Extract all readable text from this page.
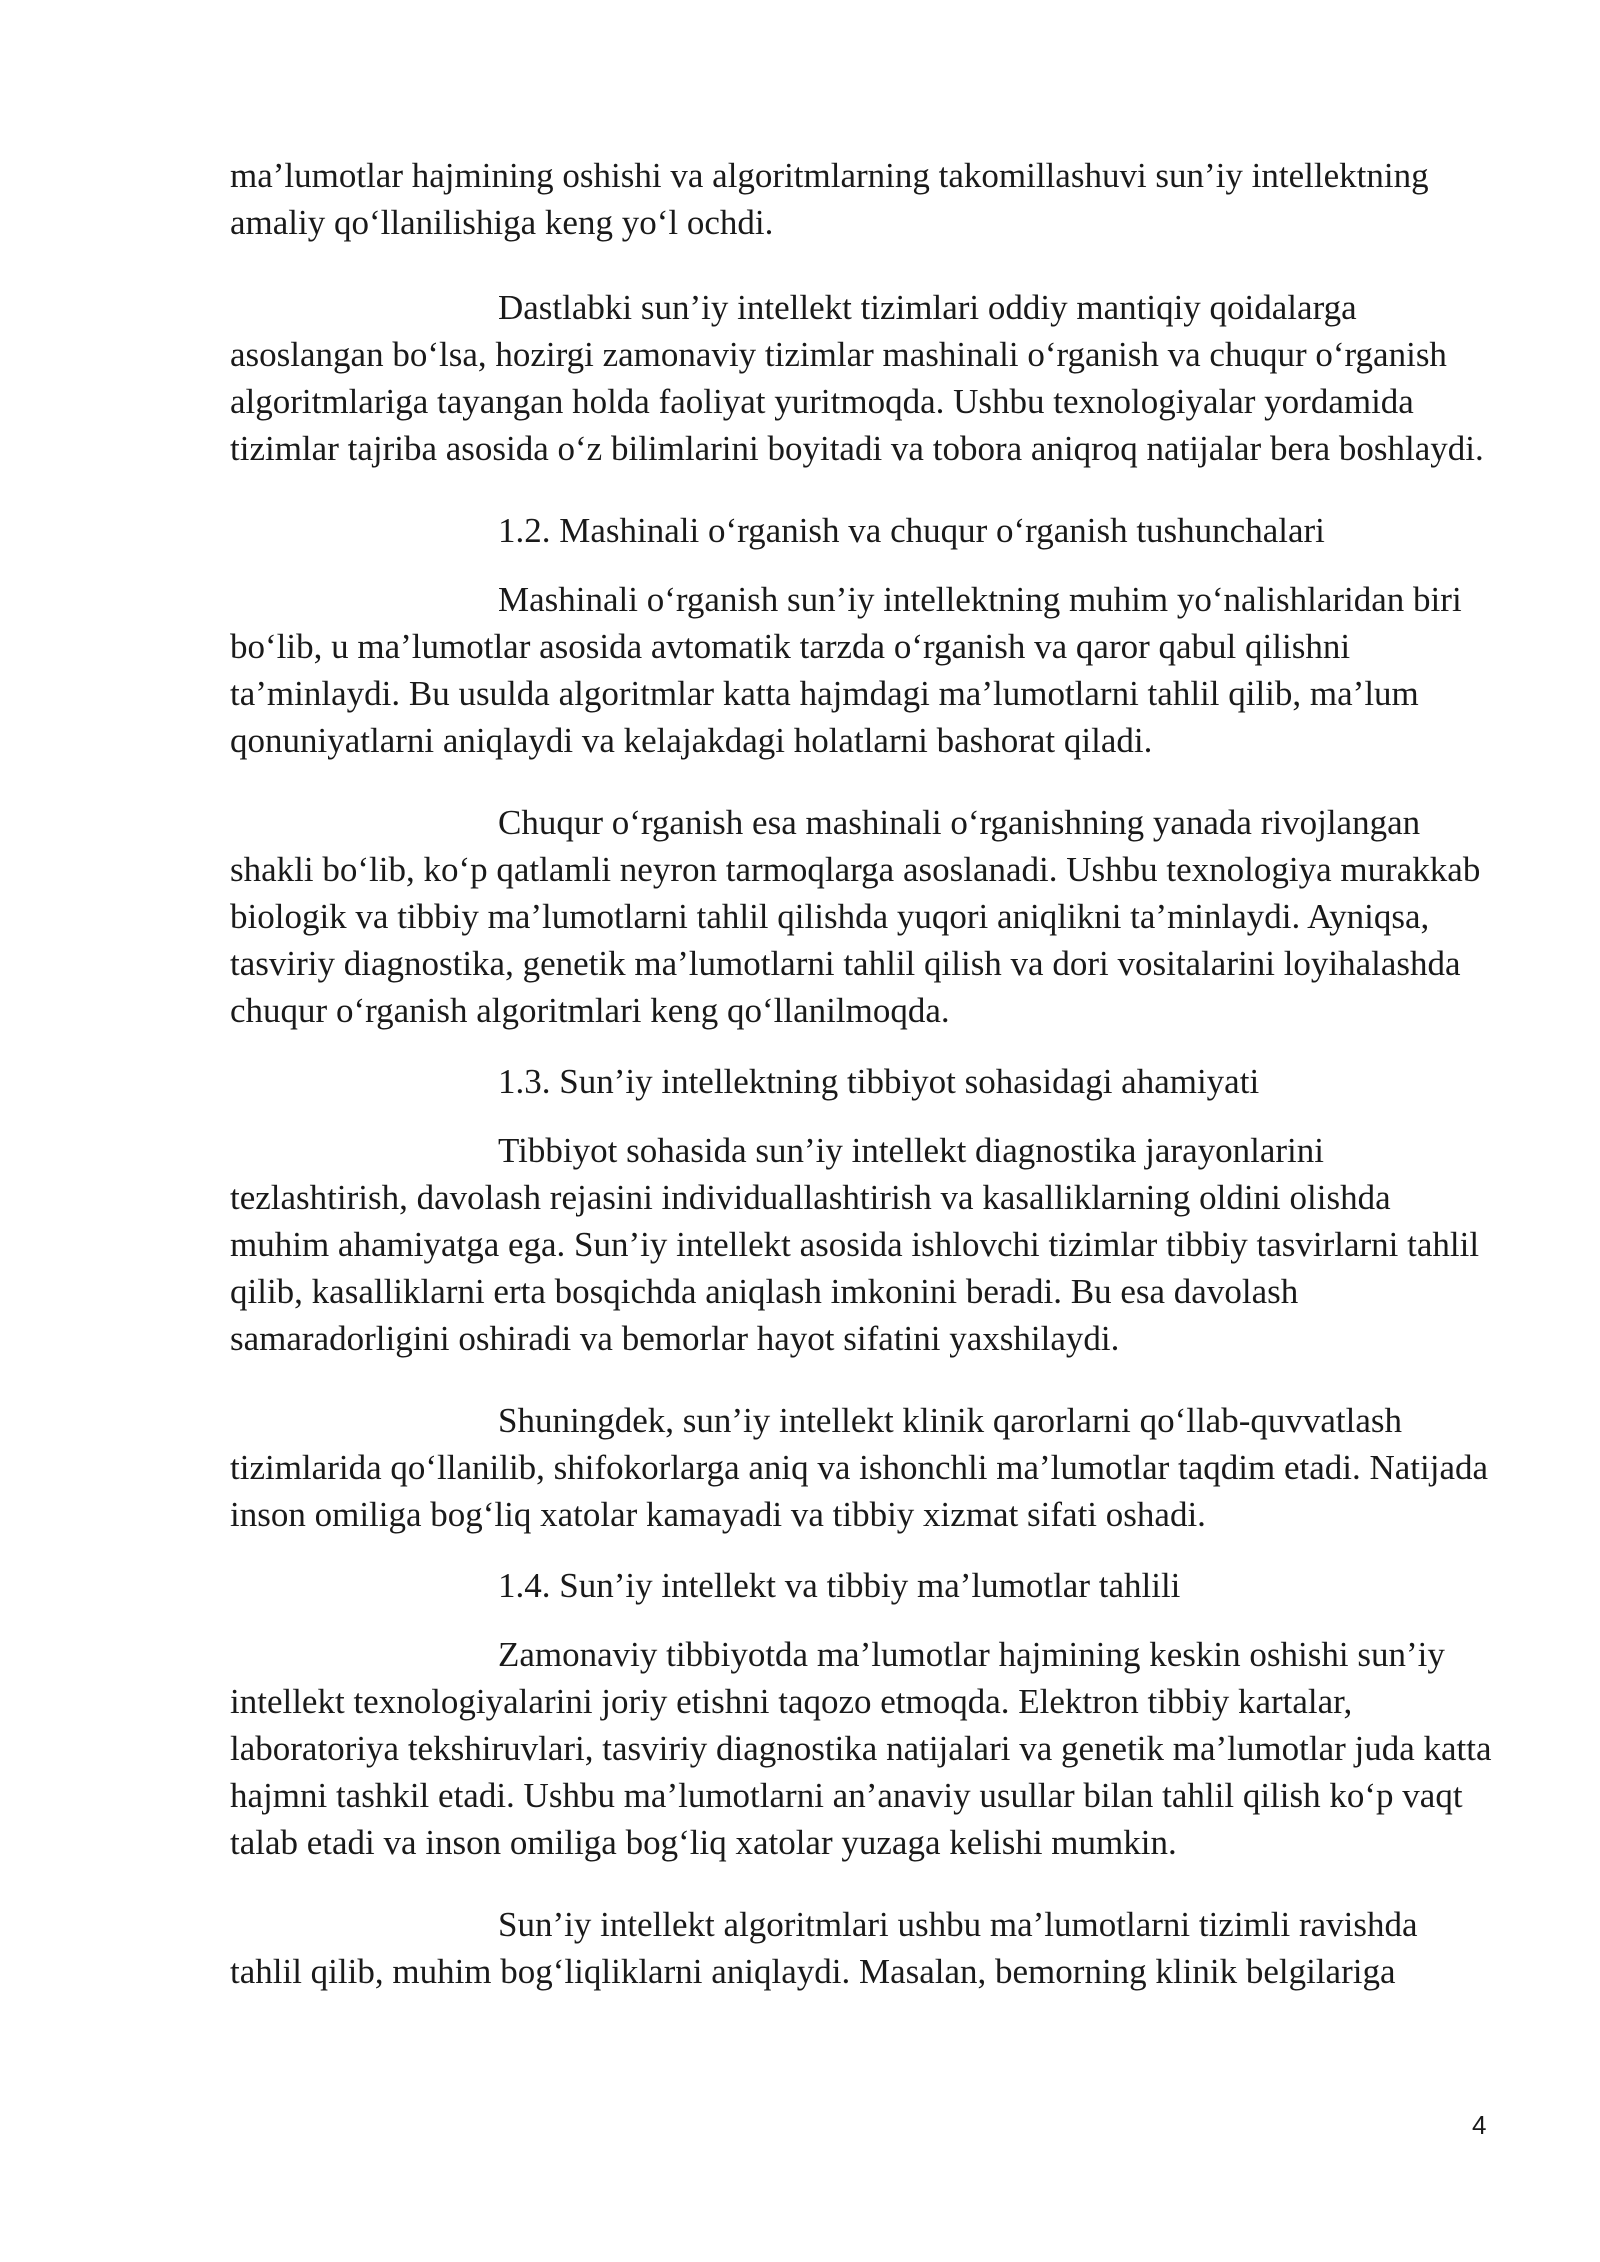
ma’lumotlar hajmining oshishi va algoritmlarning takomillashuvi sun’iy intellektning amaliy qo‘llanilishiga keng yo‘l ochdi.

Dastlabki sun’iy intellekt tizimlari oddiy mantiqiy qoidalarga asoslangan bo‘lsa, hozirgi zamonaviy tizimlar mashinali o‘rganish va chuqur o‘rganish algoritmlariga tayangan holda faoliyat yuritmoqda. Ushbu texnologiyalar yordamida tizimlar tajriba asosida o‘z bilimlarini boyitadi va tobora aniqroq natijalar bera boshlaydi.

1.2. Mashinali o‘rganish va chuqur o‘rganish tushunchalari

Mashinali o‘rganish sun’iy intellektning muhim yo‘nalishlaridan biri bo‘lib, u ma’lumotlar asosida avtomatik tarzda o‘rganish va qaror qabul qilishni ta’minlaydi. Bu usulda algoritmlar katta hajmdagi ma’lumotlarni tahlil qilib, ma’lum qonuniyatlarni aniqlaydi va kelajakdagi holatlarni bashorat qiladi.

Chuqur o‘rganish esa mashinali o‘rganishning yanada rivojlangan shakli bo‘lib, ko‘p qatlamli neyron tarmoqlarga asoslanadi. Ushbu texnologiya murakkab biologik va tibbiy ma’lumotlarni tahlil qilishda yuqori aniqlikni ta’minlaydi. Ayniqsa, tasviriy diagnostika, genetik ma’lumotlarni tahlil qilish va dori vositalarini loyihalashda chuqur o‘rganish algoritmlari keng qo‘llanilmoqda.

1.3. Sun’iy intellektning tibbiyot sohasidagi ahamiyati

Tibbiyot sohasida sun’iy intellekt diagnostika jarayonlarini tezlashtirish, davolash rejasini individuallashtirish va kasalliklarning oldini olishda muhim ahamiyatga ega. Sun’iy intellekt asosida ishlovchi tizimlar tibbiy tasvirlarni tahlil qilib, kasalliklarni erta bosqichda aniqlash imkonini beradi. Bu esa davolash samaradorligini oshiradi va bemorlar hayot sifatini yaxshilaydi.

Shuningdek, sun’iy intellekt klinik qarorlarni qo‘llab-quvvatlash tizimlarida qo‘llanilib, shifokorlarga aniq va ishonchli ma’lumotlar taqdim etadi. Natijada inson omiliga bog‘liq xatolar kamayadi va tibbiy xizmat sifati oshadi.

1.4. Sun’iy intellekt va tibbiy ma’lumotlar tahlili

Zamonaviy tibbiyotda ma’lumotlar hajmining keskin oshishi sun’iy intellekt texnologiyalarini joriy etishni taqozo etmoqda. Elektron tibbiy kartalar, laboratoriya tekshiruvlari, tasviriy diagnostika natijalari va genetik ma’lumotlar juda katta hajmni tashkil etadi. Ushbu ma’lumotlarni an’anaviy usullar bilan tahlil qilish ko‘p vaqt talab etadi va inson omiliga bog‘liq xatolar yuzaga kelishi mumkin.

Sun’iy intellekt algoritmlari ushbu ma’lumotlarni tizimli ravishda tahlil qilib, muhim bog‘liqliklarni aniqlaydi. Masalan, bemorning klinik belgilariga

4
